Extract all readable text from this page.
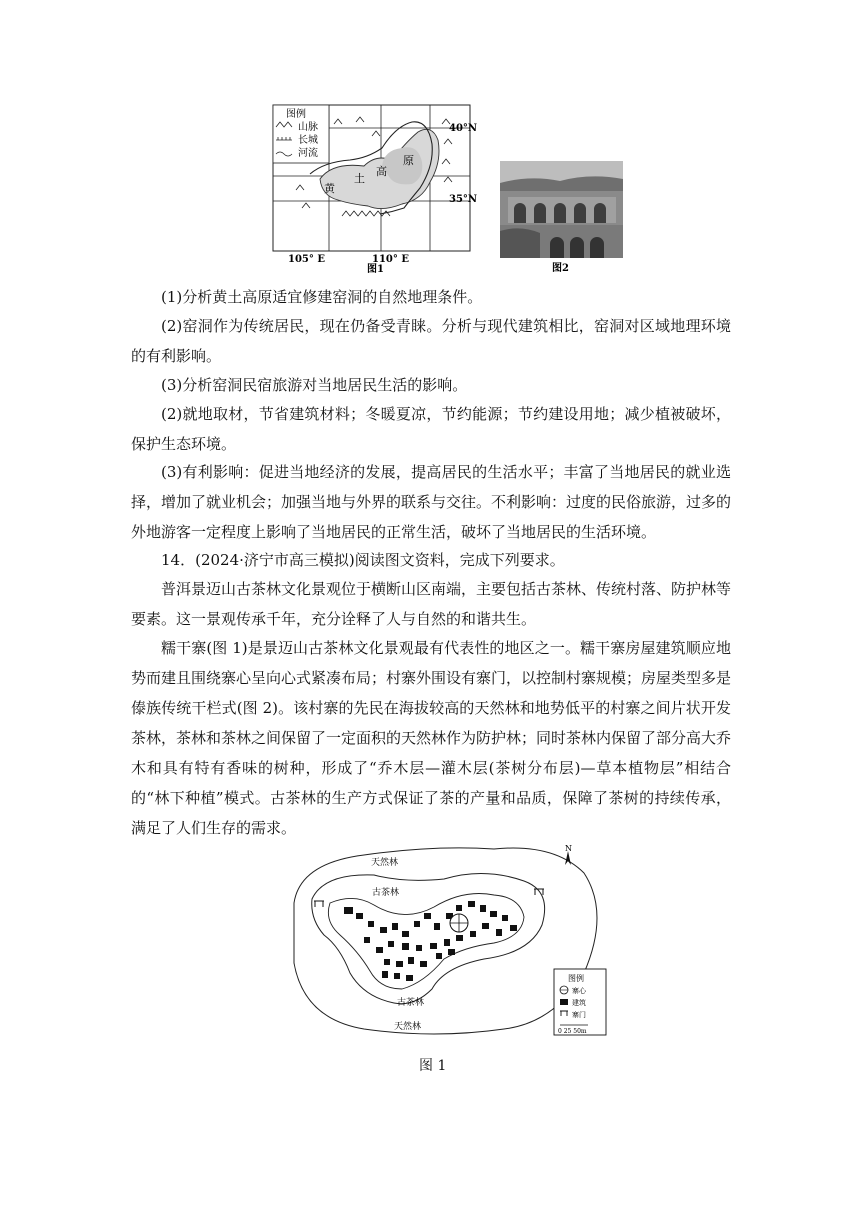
图例
山脉
长城
河流
黄
土
高
原
40°N
35°N
105° E	110° E
图1	图2

(1)分析黄土高原适宜修建窑洞的自然地理条件。

(2)窑洞作为传统居民，现在仍备受青睐。分析与现代建筑相比，窑洞对区域地理环境的有利影响。

(3)分析窑洞民宿旅游对当地居民生活的影响。

(2)就地取材，节省建筑材料；冬暖夏凉，节约能源；节约建设用地；减少植被破坏，保护生态环境。

(3)有利影响：促进当地经济的发展，提高居民的生活水平；丰富了当地居民的就业选择，增加了就业机会；加强当地与外界的联系与交往。不利影响：过度的民俗旅游，过多的外地游客一定程度上影响了当地居民的正常生活，破坏了当地居民的生活环境。

14．(2024·济宁市高三模拟)阅读图文资料，完成下列要求。

普洱景迈山古茶林文化景观位于横断山区南端，主要包括古茶林、传统村落、防护林等要素。这一景观传承千年，充分诠释了人与自然的和谐共生。

糯干寨(图 1)是景迈山古茶林文化景观最有代表性的地区之一。糯干寨房屋建筑顺应地势而建且围绕寨心呈向心式紧凑布局；村寨外围设有寨门，以控制村寨规模；房屋类型多是傣族传统干栏式(图 2)。该村寨的先民在海拔较高的天然林和地势低平的村寨之间片状开发茶林，茶林和茶林之间保留了一定面积的天然林作为防护林；同时茶林内保留了部分高大乔木和具有特有香味的树种，形成了“乔木层—灌木层(茶树分布层)—草本植物层”相结合的“林下种植”模式。古茶林的生产方式保证了茶的产量和品质，保障了茶树的持续传承，满足了人们生存的需求。

N
天然林
古茶林
古茶林
天然林
图例
寨心
建筑
寨门
0 25 50m
图 1
